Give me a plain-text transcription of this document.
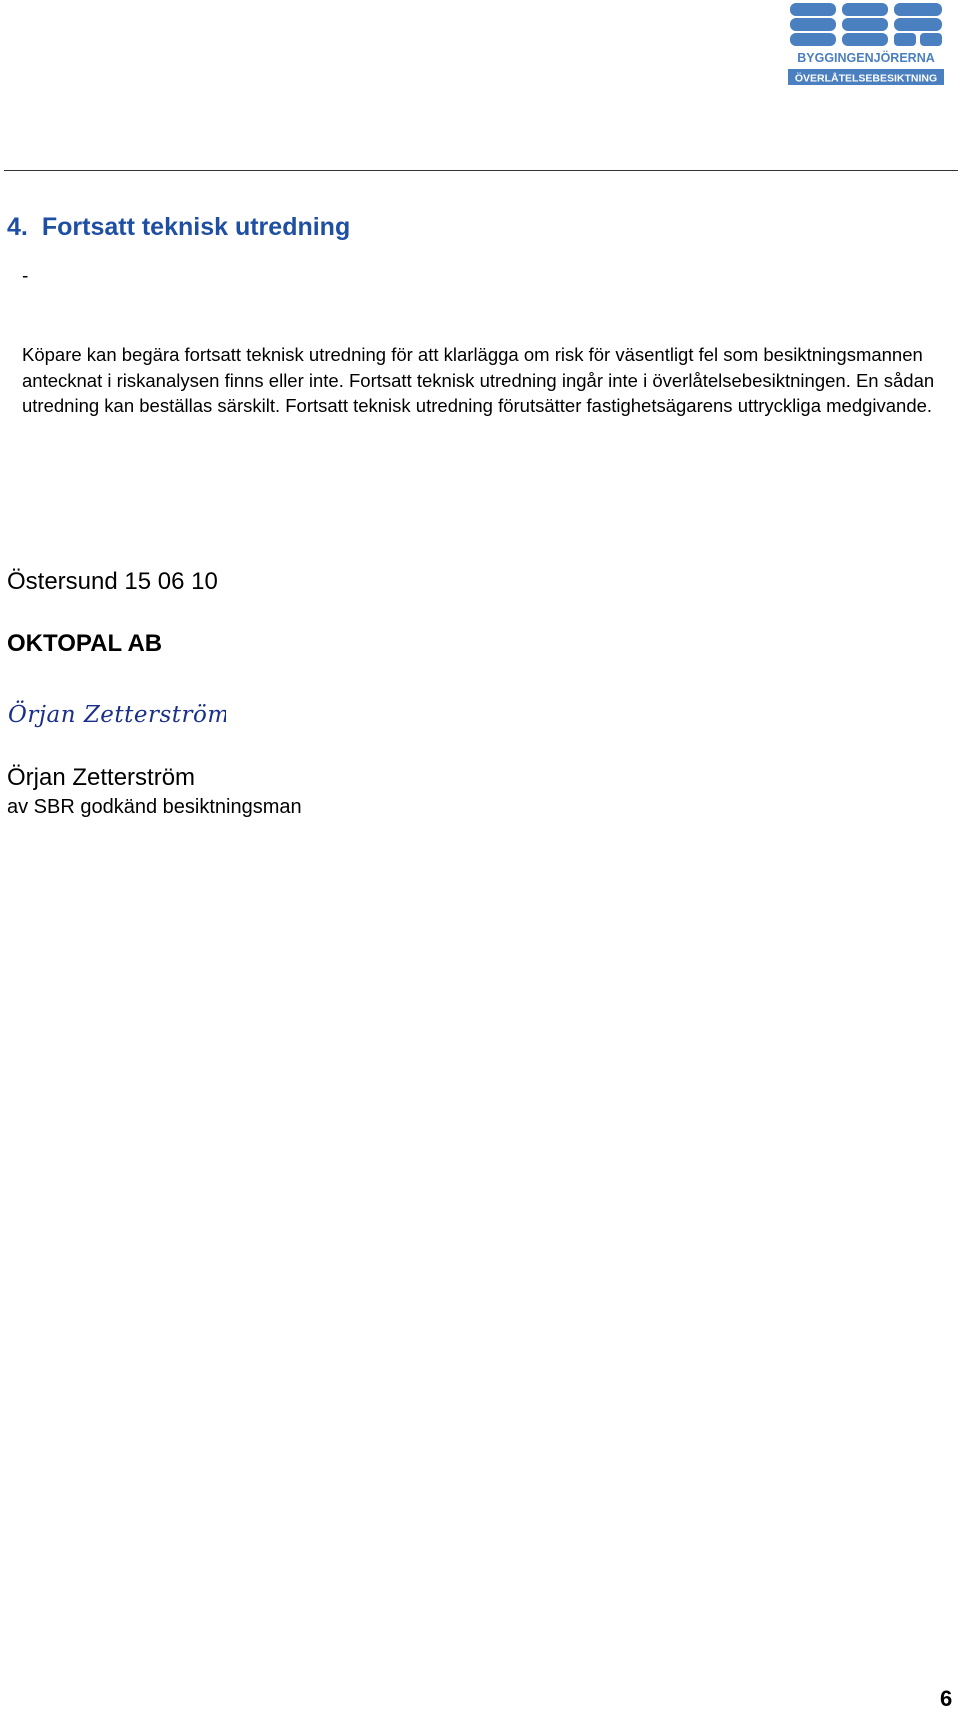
BYGGINGENJÖRERNA
ÖVERLÅTELSEBESIKTNING
4. Fortsatt teknisk utredning
-

Köpare kan begära fortsatt teknisk utredning för att klarlägga om risk för väsentligt fel som besiktningsmannen antecknat i riskanalysen finns eller inte. Fortsatt teknisk utredning ingår inte i överlåtelsebesiktningen. En sådan utredning kan beställas särskilt. Fortsatt teknisk utredning förutsätter fastighetsägarens uttryckliga medgivande.

Östersund 15 06 10
OKTOPAL AB
Örjan Zetterström
Örjan Zetterström
av SBR godkänd besiktningsman
6
